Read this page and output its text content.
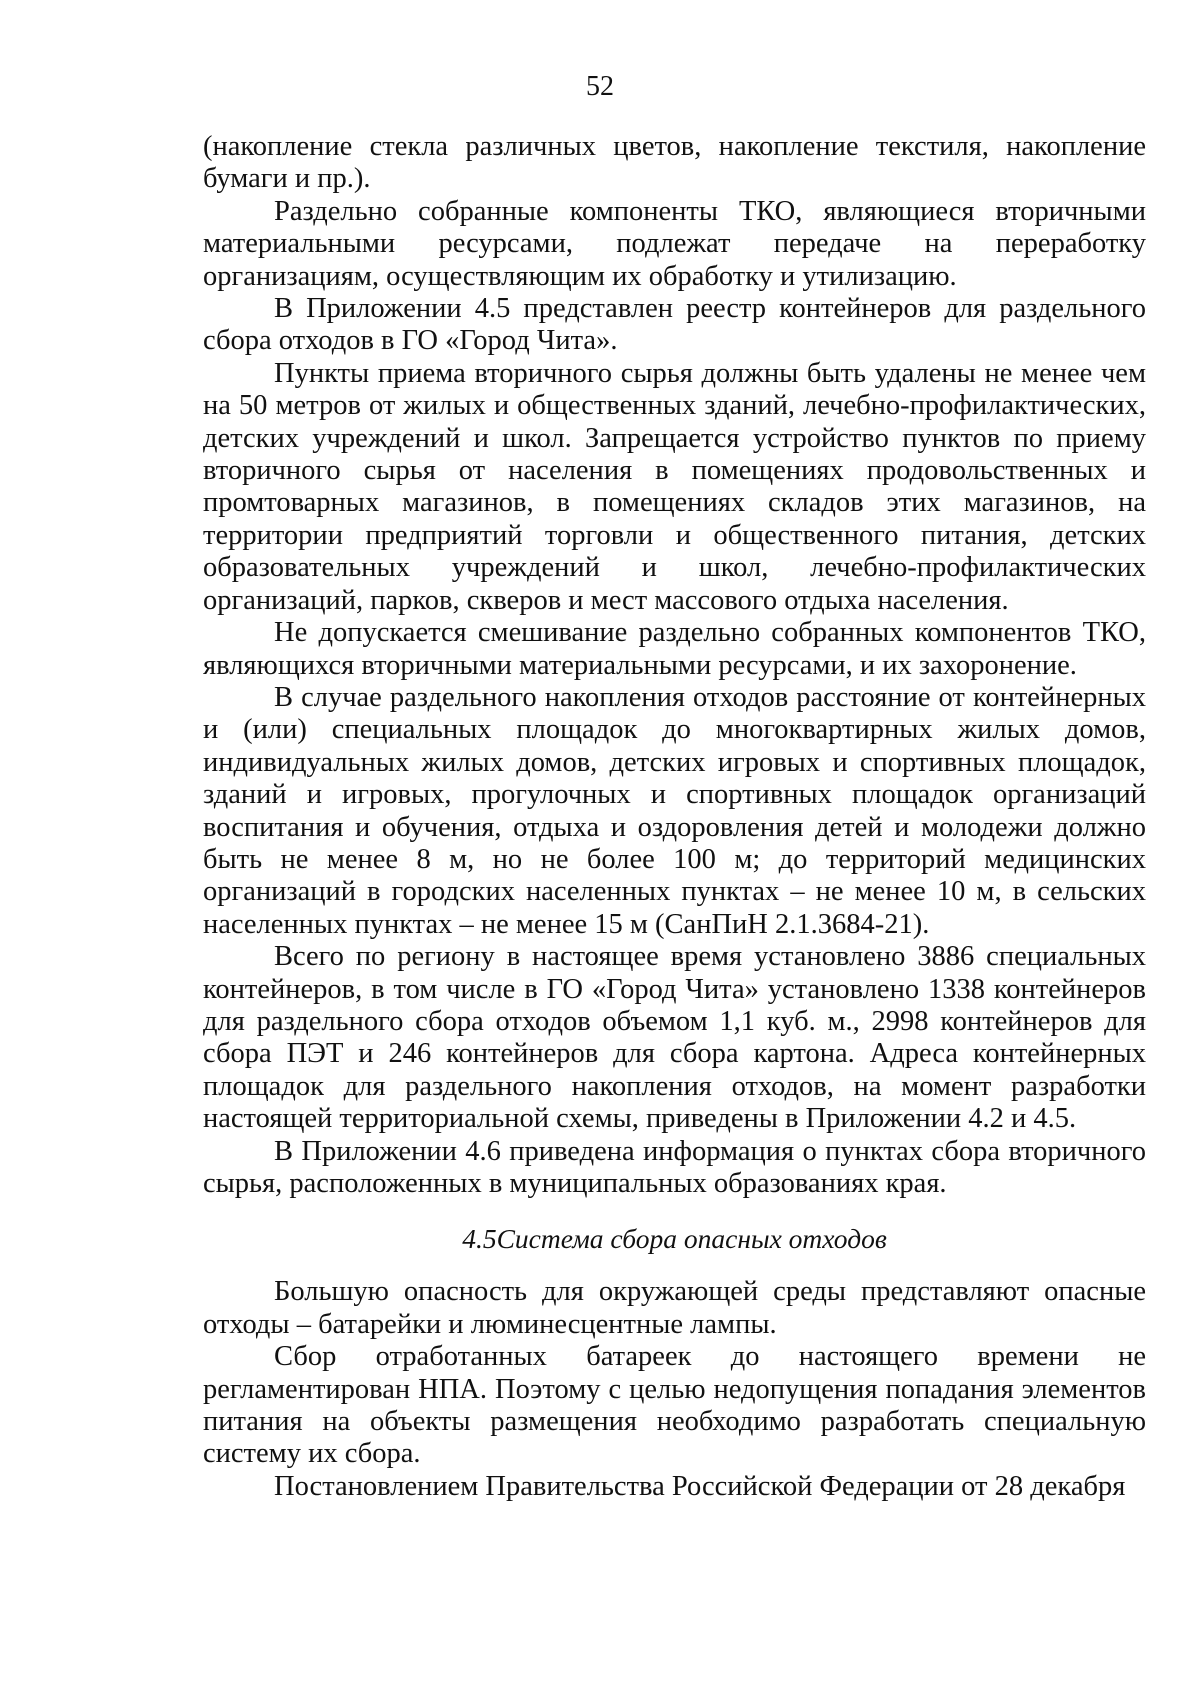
52

(накопление стекла различных цветов, накопление текстиля, накопление бумаги и пр.).

Раздельно собранные компоненты ТКО, являющиеся вторичными материальными ресурсами, подлежат передаче на переработку организациям, осуществляющим их обработку и утилизацию.

В Приложении 4.5 представлен реестр контейнеров для раздельного сбора отходов в ГО «Город Чита».

Пункты приема вторичного сырья должны быть удалены не менее чем на 50 метров от жилых и общественных зданий, лечебно-профилактических, детских учреждений и школ. Запрещается устройство пунктов по приему вторичного сырья от населения в помещениях продовольственных и промтоварных магазинов, в помещениях складов этих магазинов, на территории предприятий торговли и общественного питания, детских образовательных учреждений и школ, лечебно-профилактических организаций, парков, скверов и мест массового отдыха населения.

Не допускается смешивание раздельно собранных компонентов ТКО, являющихся вторичными материальными ресурсами, и их захоронение.

В случае раздельного накопления отходов расстояние от контейнерных и (или) специальных площадок до многоквартирных жилых домов, индивидуальных жилых домов, детских игровых и спортивных площадок, зданий и игровых, прогулочных и спортивных площадок организаций воспитания и обучения, отдыха и оздоровления детей и молодежи должно быть не менее 8 м, но не более 100 м; до территорий медицинских организаций в городских населенных пунктах – не менее 10 м, в сельских населенных пунктах – не менее 15 м (СанПиН 2.1.3684-21).

Всего по региону в настоящее время установлено 3886 специальных контейнеров, в том числе в ГО «Город Чита» установлено 1338 контейнеров для раздельного сбора отходов объемом 1,1 куб. м., 2998 контейнеров для сбора ПЭТ и 246 контейнеров для сбора картона. Адреса контейнерных площадок для раздельного накопления отходов, на момент разработки настоящей территориальной схемы, приведены в Приложении 4.2 и 4.5.

В Приложении 4.6 приведена информация о пунктах сбора вторичного сырья, расположенных в муниципальных образованиях края.

4.5Система сбора опасных отходов

Большую опасность для окружающей среды представляют опасные отходы – батарейки и люминесцентные лампы.

Сбор отработанных батареек до настоящего времени не регламентирован НПА. Поэтому с целью недопущения попадания элементов питания на объекты размещения необходимо разработать специальную систему их сбора.

Постановлением Правительства Российской Федерации от 28 декабря
